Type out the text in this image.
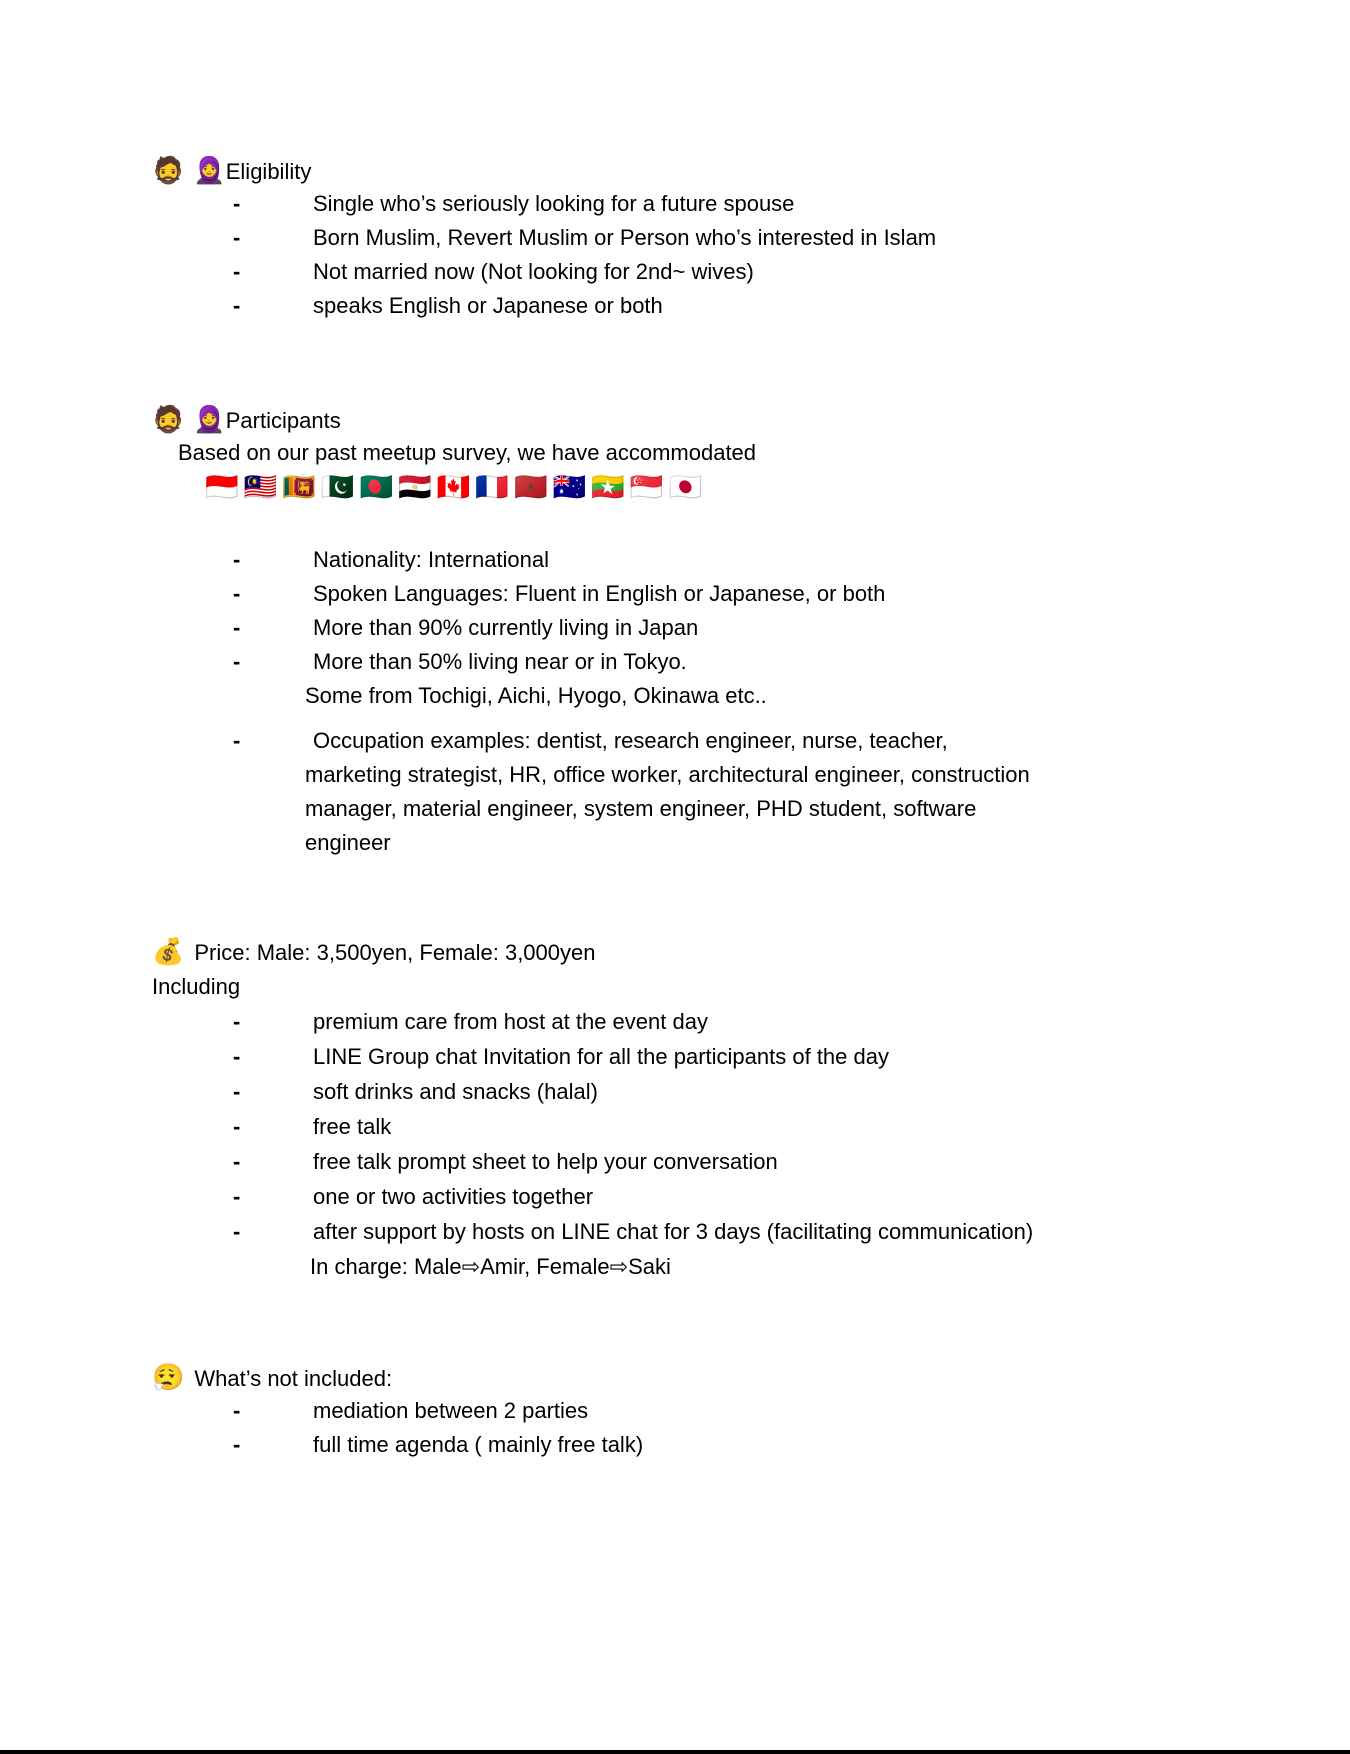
🧔 🧕Eligibility
-	Single who’s seriously looking for a future spouse
-	Born Muslim, Revert Muslim or Person who’s interested in Islam
-	Not married now (Not looking for 2nd~ wives)
-	speaks English or Japanese or both
🧔 🧕Participants
Based on our past meetup survey, we have accommodated
🇮🇩 🇲🇾 🇱🇰 🇵🇰 🇧🇩 🇪🇬 🇨🇦 🇫🇷 🇲🇦 🇦🇺 🇲🇲 🇸🇬 🇯🇵
-	Nationality: International
-	Spoken Languages: Fluent in English or Japanese, or both
-	More than 90% currently living in Japan
-	More than 50% living near or in Tokyo.
Some from Tochigi, Aichi, Hyogo, Okinawa etc..
-	Occupation examples: dentist, research engineer, nurse, teacher,
marketing strategist, HR, office worker, architectural engineer, construction
manager, material engineer, system engineer, PHD student, software
engineer
💰 Price: Male: 3,500yen, Female: 3,000yen
Including
-	premium care from host at the event day
-	LINE Group chat Invitation for all the participants of the day
-	soft drinks and snacks (halal)
-	free talk
-	free talk prompt sheet to help your conversation
-	one or two activities together
-	after support by hosts on LINE chat for 3 days (facilitating communication)
In charge: Male⇨Amir, Female⇨Saki
😮‍💨 What’s not included:
-	mediation between 2 parties
-	full time agenda ( mainly free talk)
